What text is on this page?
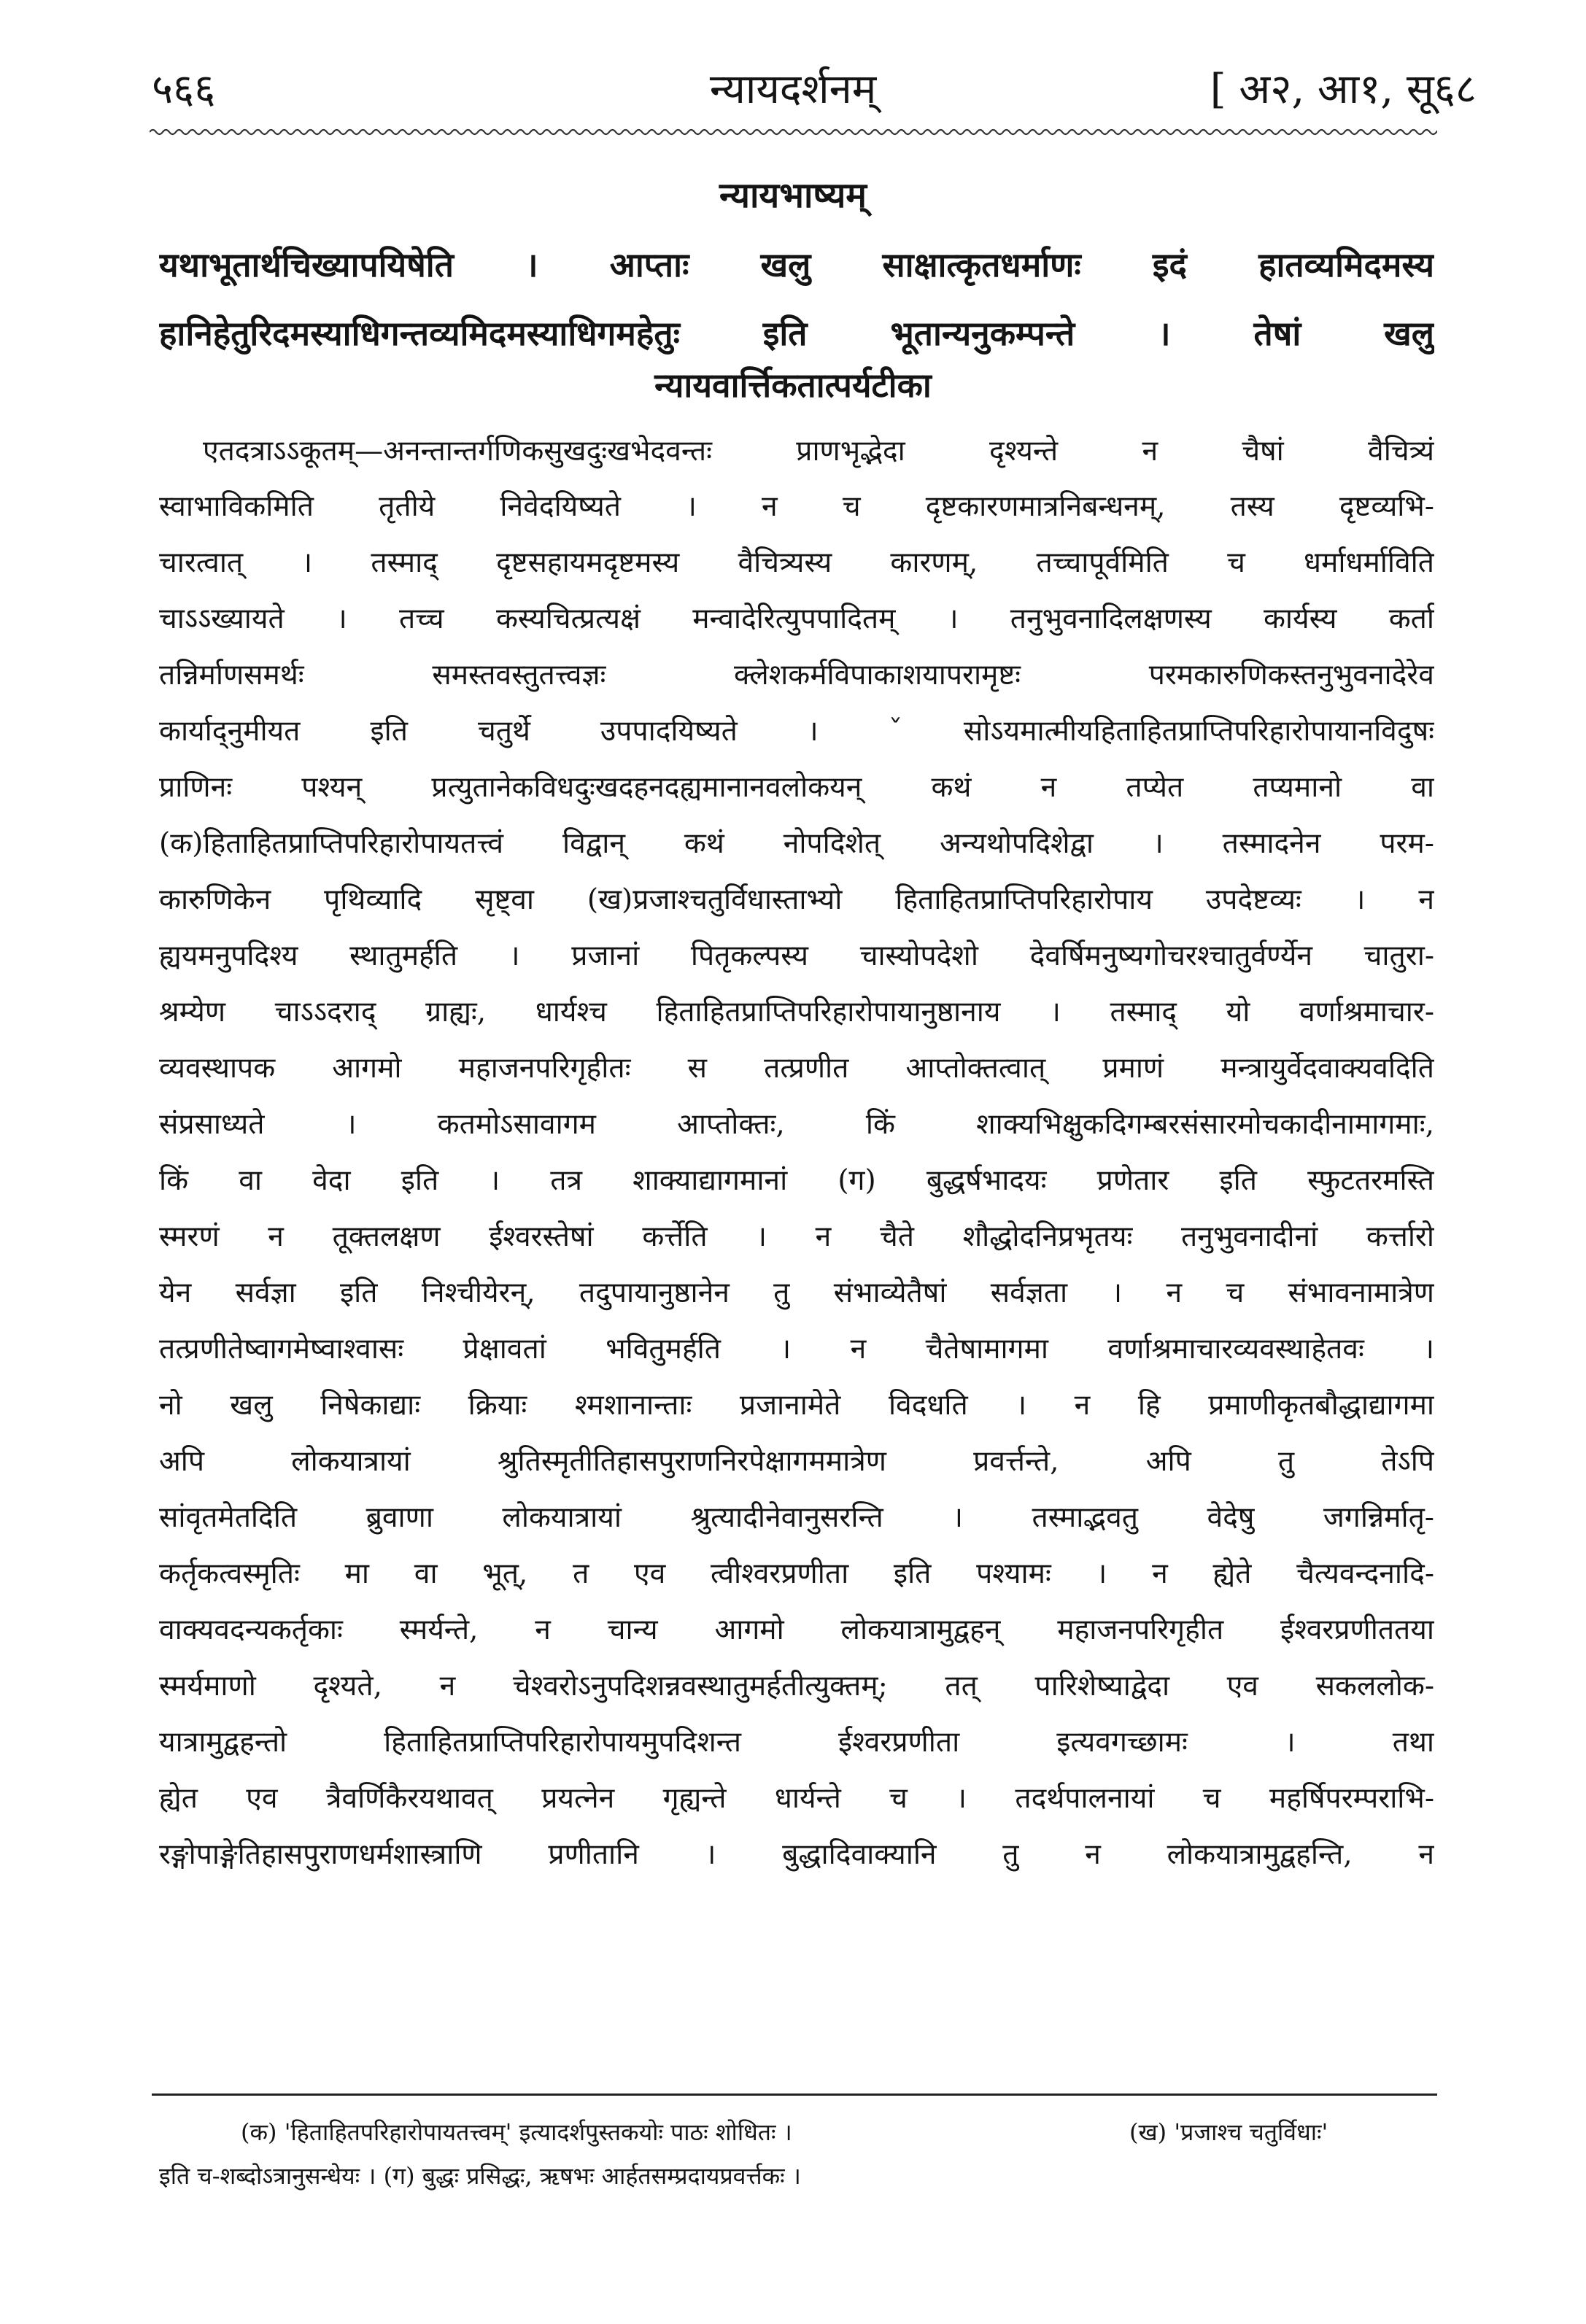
५६६	न्यायदर्शनम्	[ अ२, आ१, सू६८
न्यायभाष्यम्
यथाभूतार्थचिख्यापयिषेति । आप्ताः खलु साक्षात्कृतधर्माणः इदं हातव्यमिदमस्य
हानिहेतुरिदमस्याधिगन्तव्यमिदमस्याधिगमहेतुः इति भूतान्यनुकम्पन्ते । तेषां खलु
न्यायवार्त्तिकतात्पर्यटीका
एतदत्राऽऽकूतम्—अनन्तान्तर्गणिकसुखदुःखभेदवन्तः प्राणभृद्भेदा दृश्यन्ते न चैषां वैचित्र्यं
स्वाभाविकमिति तृतीये निवेदयिष्यते । न च दृष्टकारणमात्रनिबन्धनम्, तस्य दृष्टव्यभि-
चारत्वात् । तस्माद् दृष्टसहायमदृष्टमस्य वैचित्र्यस्य कारणम्, तच्चापूर्वमिति च धर्माधर्माविति
चाऽऽख्यायते । तच्च कस्यचित्प्रत्यक्षं मन्वादेरित्युपपादितम् । तनुभुवनादिलक्षणस्य कार्यस्य कर्ता
तन्निर्माणसमर्थः समस्तवस्तुतत्त्वज्ञः क्लेशकर्मविपाकाशयापरामृष्टः परमकारुणिकस्तनुभुवनादेरेव
कार्याद्नुमीयत इति चतुर्थे उपपादयिष्यते । ˇसोऽयमात्मीयहिताहितप्राप्तिपरिहारोपायानविदुषः
प्राणिनः पश्यन् प्रत्युतानेकविधदुःखदहनदह्यमानानवलोकयन् कथं न तप्येत तप्यमानो वा
(क)हिताहितप्राप्तिपरिहारोपायतत्त्वं विद्वान् कथं नोपदिशेत् अन्यथोपदिशेद्वा । तस्मादनेन परम-
कारुणिकेन पृथिव्यादि सृष्ट्वा (ख)प्रजाश्चतुर्विधास्ताभ्यो हिताहितप्राप्तिपरिहारोपाय उपदेष्टव्यः । न
ह्ययमनुपदिश्य स्थातुमर्हति । प्रजानां पितृकल्पस्य चास्योपदेशो देवर्षिमनुष्यगोचरश्चातुर्वर्ण्येन चातुरा-
श्रम्येण चाऽऽदराद् ग्राह्यः, धार्यश्च हिताहितप्राप्तिपरिहारोपायानुष्ठानाय । तस्माद् यो वर्णाश्रमाचार-
व्यवस्थापक आगमो महाजनपरिगृहीतः स तत्प्रणीत आप्तोक्तत्वात् प्रमाणं मन्त्रायुर्वेदवाक्यवदिति
संप्रसाध्यते । कतमोऽसावागम आप्तोक्तः, किं शाक्यभिक्षुकदिगम्बरसंसारमोचकादीनामागमाः,
किं वा वेदा इति । तत्र शाक्याद्यागमानां (ग) बुद्धर्षभादयः प्रणेतार इति स्फुटतरमस्ति
स्मरणं न तूक्तलक्षण ईश्वरस्तेषां कर्त्तेति । न चैते शौद्धोदनिप्रभृतयः तनुभुवनादीनां कर्त्तारो
येन सर्वज्ञा इति निश्चीयेरन्, तदुपायानुष्ठानेन तु संभाव्येतैषां सर्वज्ञता । न च संभावनामात्रेण
तत्प्रणीतेष्वागमेष्वाश्वासः प्रेक्षावतां भवितुमर्हति । न चैतेषामागमा वर्णाश्रमाचारव्यवस्थाहेतवः ।
नो खलु निषेकाद्याः क्रियाः श्मशानान्ताः प्रजानामेते विदधति । न हि प्रमाणीकृतबौद्धाद्यागमा
अपि लोकयात्रायां श्रुतिस्मृतीतिहासपुराणनिरपेक्षागममात्रेण प्रवर्त्तन्ते, अपि तु तेऽपि
सांवृतमेतदिति ब्रुवाणा लोकयात्रायां श्रुत्यादीनेवानुसरन्ति । तस्माद्भवतु वेदेषु जगन्निर्मातृ-
कर्तृकत्वस्मृतिः मा वा भूत्, त एव त्वीश्वरप्रणीता इति पश्यामः । न ह्येते चैत्यवन्दनादि-
वाक्यवदन्यकर्तृकाः स्मर्यन्ते, न चान्य आगमो लोकयात्रामुद्वहन् महाजनपरिगृहीत ईश्वरप्रणीततया
स्मर्यमाणो दृश्यते, न चेश्वरोऽनुपदिशन्नवस्थातुमर्हतीत्युक्तम्; तत् पारिशेष्याद्वेदा एव सकललोक-
यात्रामुद्वहन्तो हिताहितप्राप्तिपरिहारोपायमुपदिशन्त ईश्वरप्रणीता इत्यवगच्छामः । तथा
ह्येत एव त्रैवर्णिकैरयथावत् प्रयत्नेन गृह्यन्ते धार्यन्ते च । तदर्थपालनायां च महर्षिपरम्पराभि-
रङ्गोपाङ्गेतिहासपुराणधर्मशास्त्राणि प्रणीतानि । बुद्धादिवाक्यानि तु न लोकयात्रामुद्वहन्ति, न
(क) 'हिताहितपरिहारोपायतत्त्वम्' इत्यादर्शपुस्तकयोः पाठः शोधितः ।	(ख) 'प्रजाश्च चतुर्विधाः'
इति च-शब्दोऽत्रानुसन्धेयः । (ग) बुद्धः प्रसिद्धः, ऋषभः आर्हतसम्प्रदायप्रवर्त्तकः ।
